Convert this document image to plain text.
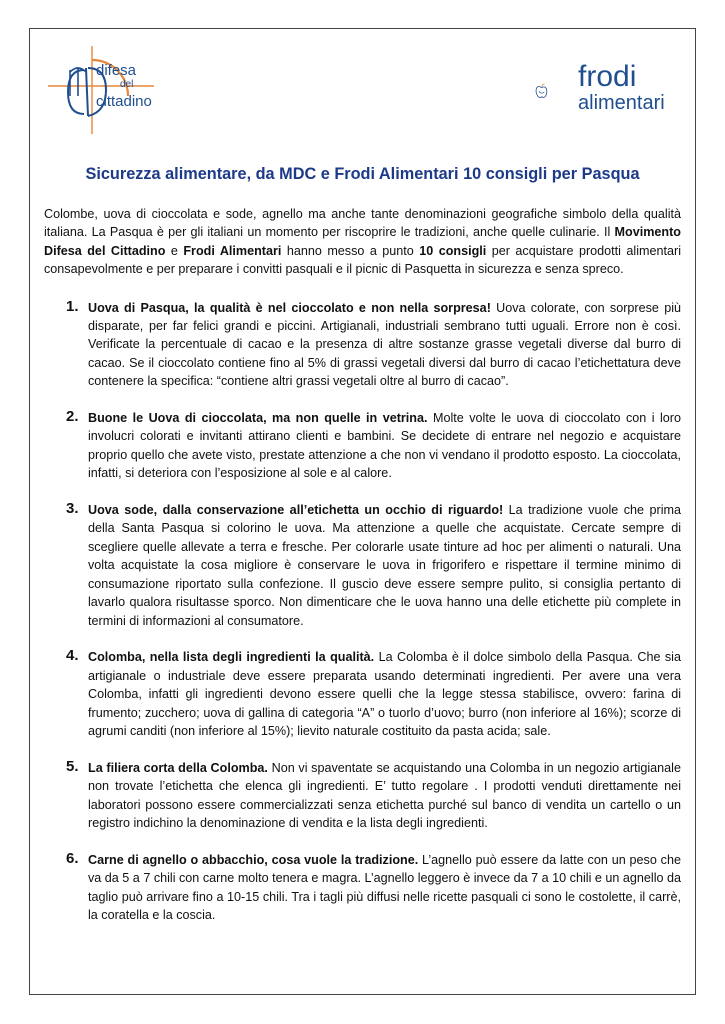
difesa
del
cittadino
frodi
alimentari
Sicurezza alimentare, da MDC e Frodi Alimentari 10 consigli per Pasqua

Colombe, uova di cioccolata e sode, agnello ma anche tante denominazioni geografiche simbolo della qualità italiana. La Pasqua è per gli italiani un momento per riscoprire le tradizioni, anche quelle culinarie. Il Movimento Difesa del Cittadino e Frodi Alimentari hanno messo a punto 10 consigli per acquistare prodotti alimentari consapevolmente e per preparare i convitti pasquali e il picnic di Pasquetta in sicurezza e senza spreco.

1. Uova di Pasqua, la qualità è nel cioccolato e non nella sorpresa! Uova colorate, con sorprese più disparate, per far felici grandi e piccini. Artigianali, industriali sembrano tutti uguali. Errore non è così. Verificate la percentuale di cacao e la presenza di altre sostanze grasse vegetali diverse dal burro di cacao. Se il cioccolato contiene fino al 5% di grassi vegetali diversi dal burro di cacao l’etichettatura deve contenere la specifica: “contiene altri grassi vegetali oltre al burro di cacao”.
2. Buone le Uova di cioccolata, ma non quelle in vetrina. Molte volte le uova di cioccolato con i loro involucri colorati e invitanti attirano clienti e bambini. Se decidete di entrare nel negozio e acquistare proprio quello che avete visto, prestate attenzione a che non vi vendano il prodotto esposto. La cioccolata, infatti, si deteriora con l’esposizione al sole e al calore.
3. Uova sode, dalla conservazione all’etichetta un occhio di riguardo! La tradizione vuole che prima della Santa Pasqua si colorino le uova. Ma attenzione a quelle che acquistate. Cercate sempre di scegliere quelle allevate a terra e fresche. Per colorarle usate tinture ad hoc per alimenti o naturali. Una volta acquistate la cosa migliore è conservare le uova in frigorifero e rispettare il termine minimo di consumazione riportato sulla confezione. Il guscio deve essere sempre pulito, si consiglia pertanto di lavarlo qualora risultasse sporco. Non dimenticare che le uova hanno una delle etichette più complete in termini di informazioni al consumatore.
4. Colomba, nella lista degli ingredienti la qualità. La Colomba è il dolce simbolo della Pasqua. Che sia artigianale o industriale deve essere preparata usando determinati ingredienti. Per avere una vera Colomba, infatti gli ingredienti devono essere quelli che la legge stessa stabilisce, ovvero: farina di frumento; zucchero; uova di gallina di categoria “A” o tuorlo d’uovo; burro (non inferiore al 16%); scorze di agrumi canditi (non inferiore al 15%); lievito naturale costituito da pasta acida; sale.
5. La filiera corta della Colomba. Non vi spaventate se acquistando una Colomba in un negozio artigianale non trovate l’etichetta che elenca gli ingredienti. E’ tutto regolare . I prodotti venduti direttamente nei laboratori possono essere commercializzati senza etichetta purché sul banco di vendita un cartello o un registro indichino la denominazione di vendita e la lista degli ingredienti.
6. Carne di agnello o abbacchio, cosa vuole la tradizione. L’agnello può essere da latte con un peso che va da 5 a 7 chili con carne molto tenera e magra. L’agnello leggero è invece da 7 a 10 chili e un agnello da taglio può arrivare fino a 10-15 chili. Tra i tagli più diffusi nelle ricette pasquali ci sono le costolette, il carrè, la coratella e la coscia.
